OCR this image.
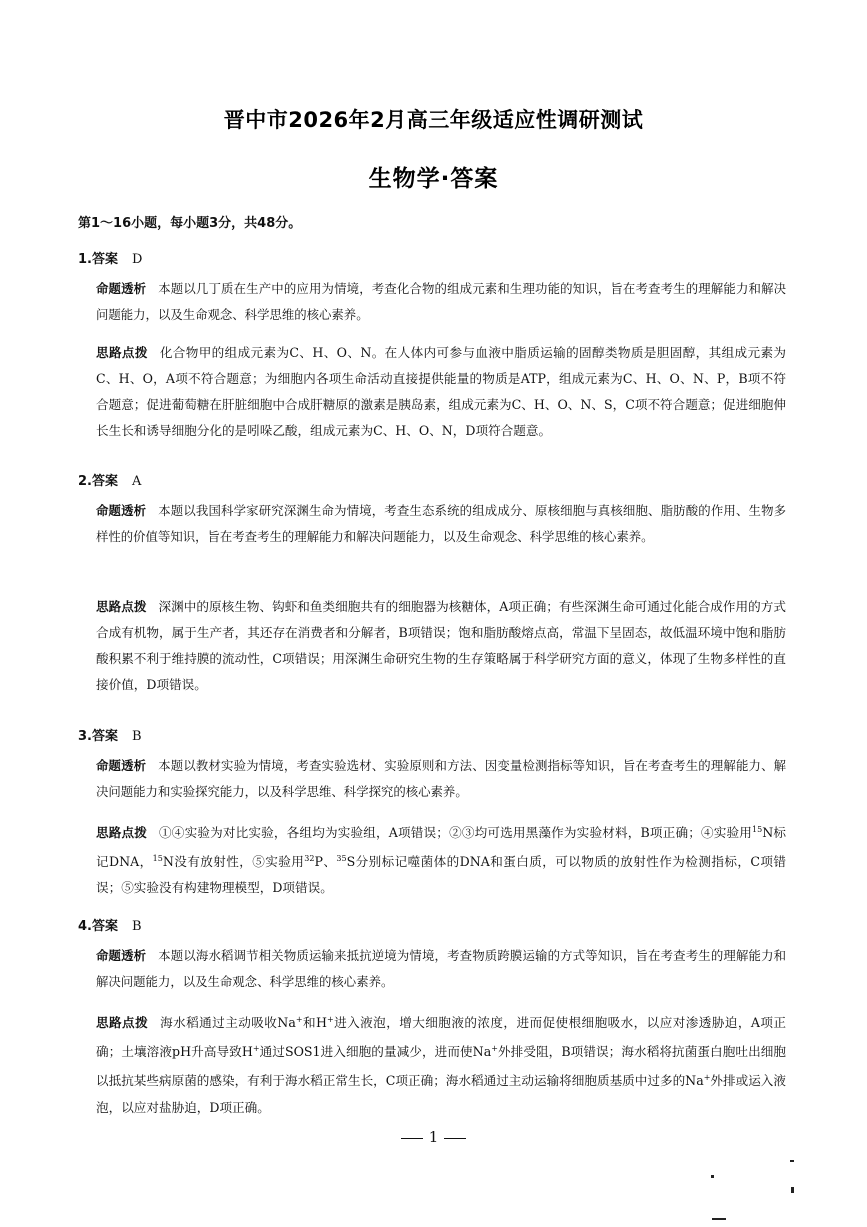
晋中市2026年2月高三年级适应性调研测试
生物学·答案
第1～16小题，每小题3分，共48分。
1.答案 D
命题透析 本题以几丁质在生产中的应用为情境，考查化合物的组成元素和生理功能的知识，旨在考查考生的理解能力和解决问题能力，以及生命观念、科学思维的核心素养。
思路点拨 化合物甲的组成元素为C、H、O、N。在人体内可参与血液中脂质运输的固醇类物质是胆固醇，其组成元素为C、H、O，A项不符合题意；为细胞内各项生命活动直接提供能量的物质是ATP，组成元素为C、H、O、N、P，B项不符合题意；促进葡萄糖在肝脏细胞中合成肝糖原的激素是胰岛素，组成元素为C、H、O、N、S，C项不符合题意；促进细胞伸长生长和诱导细胞分化的是吲哚乙酸，组成元素为C、H、O、N，D项符合题意。
2.答案 A
命题透析 本题以我国科学家研究深渊生命为情境，考查生态系统的组成成分、原核细胞与真核细胞、脂肪酸的作用、生物多样性的价值等知识，旨在考查考生的理解能力和解决问题能力，以及生命观念、科学思维的核心素养。
思路点拨 深渊中的原核生物、钩虾和鱼类细胞共有的细胞器为核糖体，A项正确；有些深渊生命可通过化能合成作用的方式合成有机物，属于生产者，其还存在消费者和分解者，B项错误；饱和脂肪酸熔点高，常温下呈固态，故低温环境中饱和脂肪酸积累不利于维持膜的流动性，C项错误；用深渊生命研究生物的生存策略属于科学研究方面的意义，体现了生物多样性的直接价值，D项错误。
3.答案 B
命题透析 本题以教材实验为情境，考查实验选材、实验原则和方法、因变量检测指标等知识，旨在考查考生的理解能力、解决问题能力和实验探究能力，以及科学思维、科学探究的核心素养。
思路点拨 ①④实验为对比实验，各组均为实验组，A项错误；②③均可选用黑藻作为实验材料，B项正确；④实验用$^{15}$N标记DNA，$^{15}$N没有放射性，⑤实验用$^{32}$P、$^{35}$S分别标记噬菌体的DNA和蛋白质，可以物质的放射性作为检测指标，C项错误；⑤实验没有构建物理模型，D项错误。
4.答案 B
命题透析 本题以海水稻调节相关物质运输来抵抗逆境为情境，考查物质跨膜运输的方式等知识，旨在考查考生的理解能力和解决问题能力，以及生命观念、科学思维的核心素养。
思路点拨 海水稻通过主动吸收Na+和H+进入液泡，增大细胞液的浓度，进而促使根细胞吸水，以应对渗透胁迫，A项正确；土壤溶液pH升高导致H+通过SOS1进入细胞的量减少，进而使Na+外排受阻，B项错误；海水稻将抗菌蛋白胞吐出细胞以抵抗某些病原菌的感染，有利于海水稻正常生长，C项正确；海水稻通过主动运输将细胞质基质中过多的Na+外排或运入液泡，以应对盐胁迫，D项正确。
1
